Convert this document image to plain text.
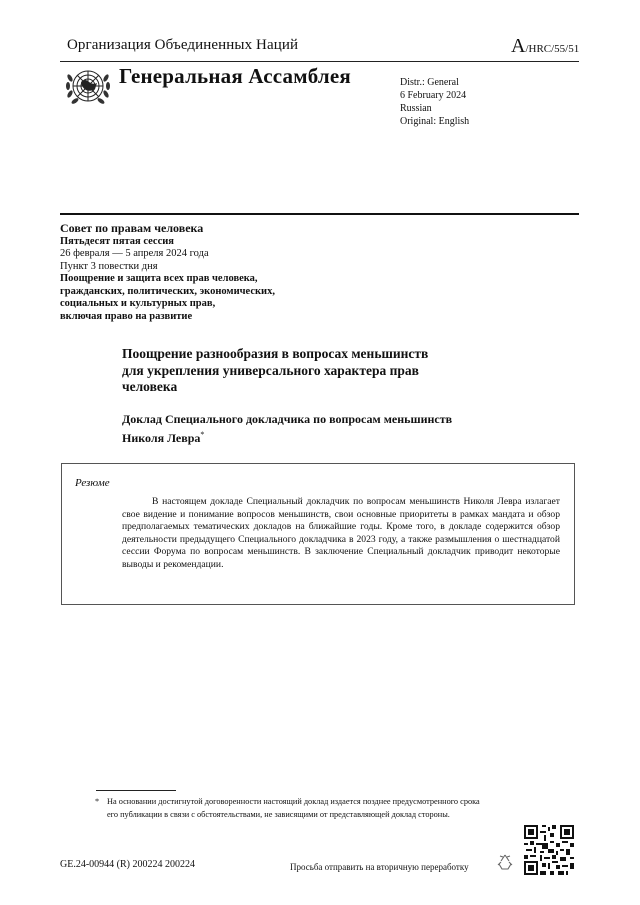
Организация Объединенных Наций	A/HRC/55/51
Генеральная Ассамблея	Distr.: General
6 February 2024
Russian
Original: English
Совет по правам человека
Пятьдесят пятая сессия
26 февраля — 5 апреля 2024 года
Пункт 3 повестки дня
Поощрение и защита всех прав человека,
гражданских, политических, экономических,
социальных и культурных прав,
включая право на развитие
Поощрение разнообразия в вопросах меньшинств
для укрепления универсального характера прав
человека
Доклад Специального докладчика по вопросам меньшинств
Николя Левра*
Резюме

В настоящем докладе Специальный докладчик по вопросам меньшинств Николя Левра излагает свое видение и понимание вопросов меньшинств, свои основные приоритеты в рамках мандата и обзор предполагаемых тематических докладов на ближайшие годы. Кроме того, в докладе содержится обзор деятельности предыдущего Специального докладчика в 2023 году, а также размышления о шестнадцатой сессии Форума по вопросам меньшинств. В заключение Специальный докладчик приводит некоторые выводы и рекомендации.

* На основании достигнутой договоренности настоящий доклад издается позднее предусмотренного срока его публикации в связи с обстоятельствами, не зависящими от представляющей доклад стороны.
GE.24-00944 (R) 200224 200224	Просьба отправить на вторичную переработку
